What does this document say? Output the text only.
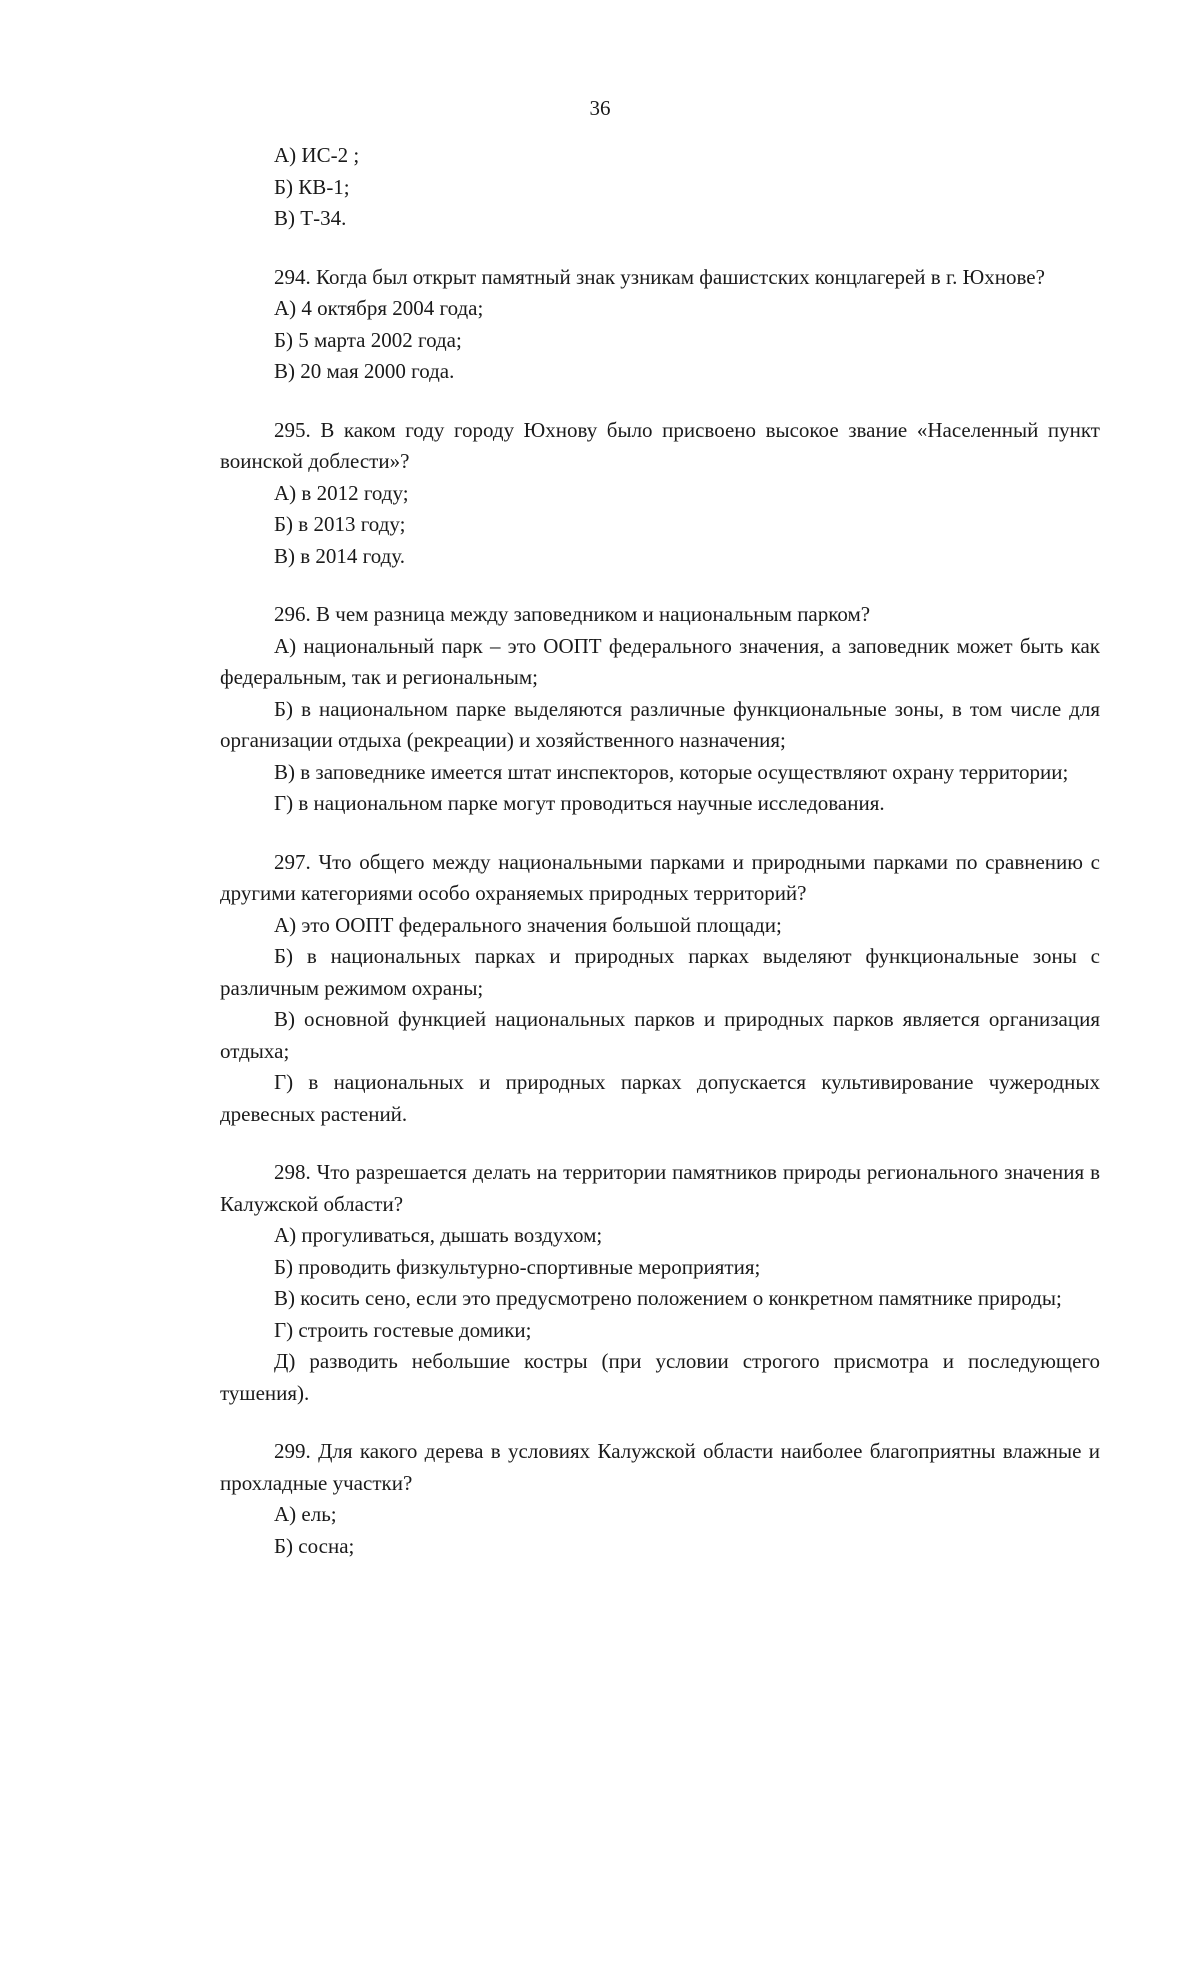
36

А) ИС-2 ;

Б) КВ-1;

В) Т-34.

294. Когда был открыт памятный знак узникам фашистских концлагерей в г. Юхнове?

А) 4 октября 2004 года;

Б) 5 марта 2002 года;

В) 20 мая 2000 года.

295. В каком году городу Юхнову было присвоено высокое звание «Населенный пункт воинской доблести»?

А) в 2012 году;

Б) в 2013 году;

В) в 2014 году.

296. В чем разница между заповедником и национальным парком?

А) национальный парк – это ООПТ федерального значения, а заповедник может быть как федеральным, так и региональным;

Б) в национальном парке выделяются различные функциональные зоны, в том числе для организации отдыха (рекреации) и хозяйственного назначения;

В) в заповеднике имеется штат инспекторов, которые осуществляют охрану территории;

Г) в национальном парке могут проводиться научные исследования.

297. Что общего между национальными парками и природными парками по сравнению с другими категориями особо охраняемых природных территорий?

А) это ООПТ федерального значения большой площади;

Б) в национальных парках и природных парках выделяют функциональные зоны с различным режимом охраны;

В) основной функцией национальных парков и природных парков является организация отдыха;

Г) в национальных и природных парках допускается культивирование чужеродных древесных растений.

298. Что разрешается делать на территории памятников природы регионального значения в Калужской области?

А) прогуливаться, дышать воздухом;

Б) проводить физкультурно-спортивные мероприятия;

В) косить сено, если это предусмотрено положением о конкретном памятнике природы;

Г) строить гостевые домики;

Д) разводить небольшие костры (при условии строгого присмотра и последующего тушения).

299. Для какого дерева в условиях Калужской области наиболее благоприятны влажные и прохладные участки?

А) ель;

Б) сосна;
